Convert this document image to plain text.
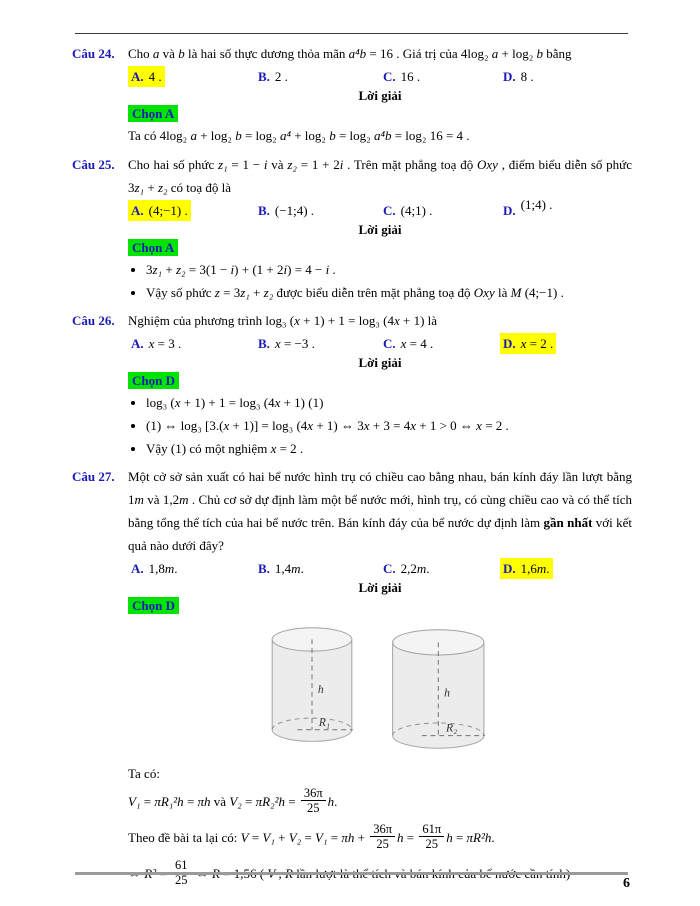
Câu 24.	Cho a và b là hai số thực dương thỏa mãn a⁴b = 16 . Giá trị của 4log₂ a + log₂ b bằng

A. 4 .	B. 2 .	C. 16 .	D. 8 .
Lời giải
Chọn A

Ta có 4log₂ a + log₂ b = log₂ a⁴ + log₂ b = log₂ a⁴b = log₂ 16 = 4 .

Câu 25.	Cho hai số phức z₁ = 1 − i và z₂ = 1 + 2i . Trên mặt phẳng toạ độ Oxy , điểm biểu diễn số phức 3z₁ + z₂ có toạ độ là

A. (4;−1) .	B. (−1;4) .	C. (4;1) .	D. (1;4) .
Lời giải
Chọn A
• 3z₁ + z₂ = 3(1 − i) + (1 + 2i) = 4 − i .
• Vậy số phức z = 3z₁ + z₂ được biểu diễn trên mặt phẳng toạ độ Oxy là M (4;−1) .
Câu 26.	Nghiệm của phương trình log₃ (x + 1) + 1 = log₃ (4x + 1) là

A. x = 3 .	B. x = −3 .	C. x = 4 .	D. x = 2 .
Lời giải
Chọn D
• log₃ (x + 1) + 1 = log₃ (4x + 1) (1)
• (1) ⇔ log₃ [3.(x + 1)] = log₃ (4x + 1) ⇔ 3x + 3 = 4x + 1 > 0 ⇔ x = 2 .
• Vậy (1) có một nghiệm x = 2 .
Câu 27.	Một cở sở sản xuất có hai bể nước hình trụ có chiều cao bằng nhau, bán kính đáy lần lượt bằng 1m và 1,2m . Chủ cơ sở dự định làm một bể nước mới, hình trụ, có cùng chiều cao và có thể tích bằng tổng thể tích của hai bể nước trên. Bán kính đáy của bể nước dự định làm gần nhất với kết quả nào dưới đây?

A. 1,8m.	B. 1,4m.	C. 2,2m.	D. 1,6m.
Lời giải
Chọn D
h
R₁
h
R₂

Ta có:

V₁ = πR₁²h = πh và $V_2 = \pi R_2^2h = \frac{36\pi}{25} h$.

Theo đề bài ta lại có: $V = V_1 + V_2 = V_1 = \pi h + \frac{36\pi}{25}$ $h = \frac{61\pi}{25}$ h = πR²h.

⇔ $R^2 = \frac{61}{25}$ ⇔ R = 1,56 ( V , R lần lượt là thể tích và bán kính của bể nước cần tính)

6
